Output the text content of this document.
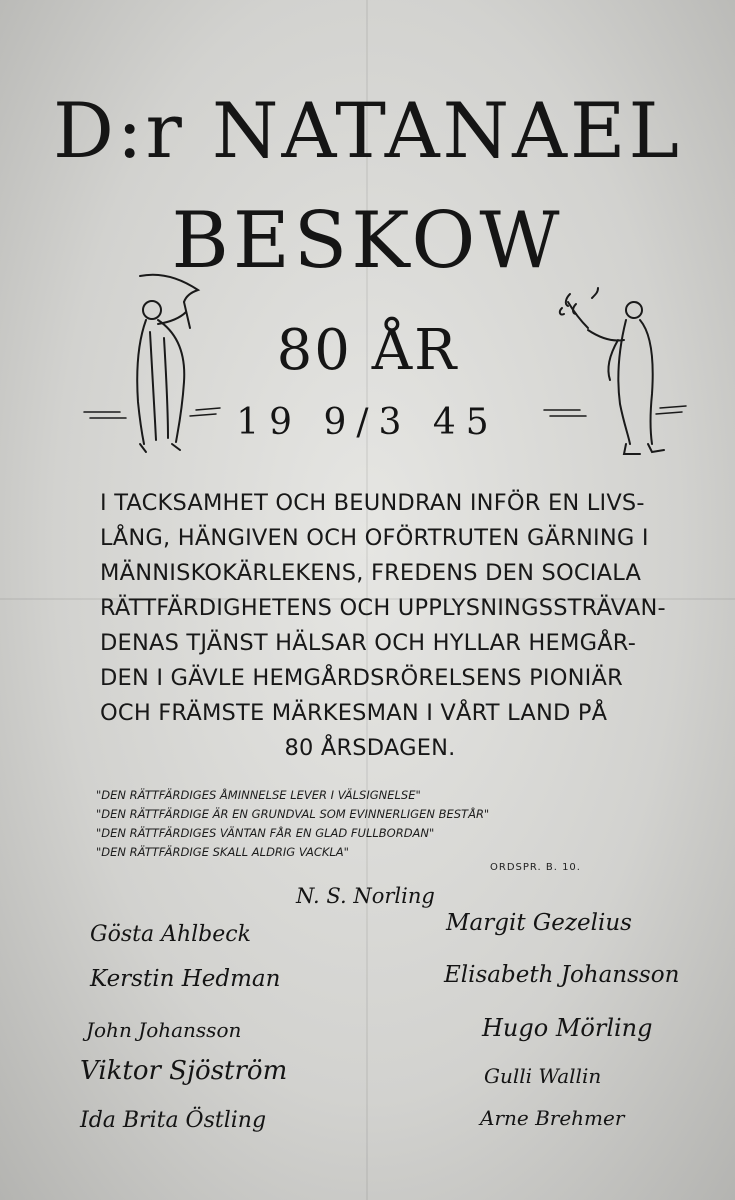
D:r NATANAEL
BESKOW
80 ÅR
19 9/3 45
I TACKSAMHET OCH BEUNDRAN INFÖR EN LIVS-
LÅNG, HÄNGIVEN OCH OFÖRTRUTEN GÄRNING I
MÄNNISKOKÄRLEKENS, FREDENS DEN SOCIALA
RÄTTFÄRDIGHETENS OCH UPPLYSNINGSSTRÄVAN-
DENAS TJÄNST HÄLSAR OCH HYLLAR HEMGÅR-
DEN I GÄVLE HEMGÅRDSRÖRELSENS PIONIÄR
OCH FRÄMSTE MÄRKESMAN I VÅRT LAND PÅ
80 ÅRSDAGEN.
"DEN RÄTTFÄRDIGES ÅMINNELSE LEVER I VÄLSIGNELSE"
"DEN RÄTTFÄRDIGE ÄR EN GRUNDVAL SOM EVINNERLIGEN BESTÅR"
"DEN RÄTTFÄRDIGES VÄNTAN FÅR EN GLAD FULLBORDAN"
"DEN RÄTTFÄRDIGE SKALL ALDRIG VACKLA"
ORDSPR. B. 10.
N. S. Norling
Gösta Ahlbeck
Kerstin Hedman
John Johansson
Viktor Sjöström
Ida Brita Östling
Margit Gezelius
Elisabeth Johansson
Hugo Mörling
Gulli Wallin
Arne Brehmer
